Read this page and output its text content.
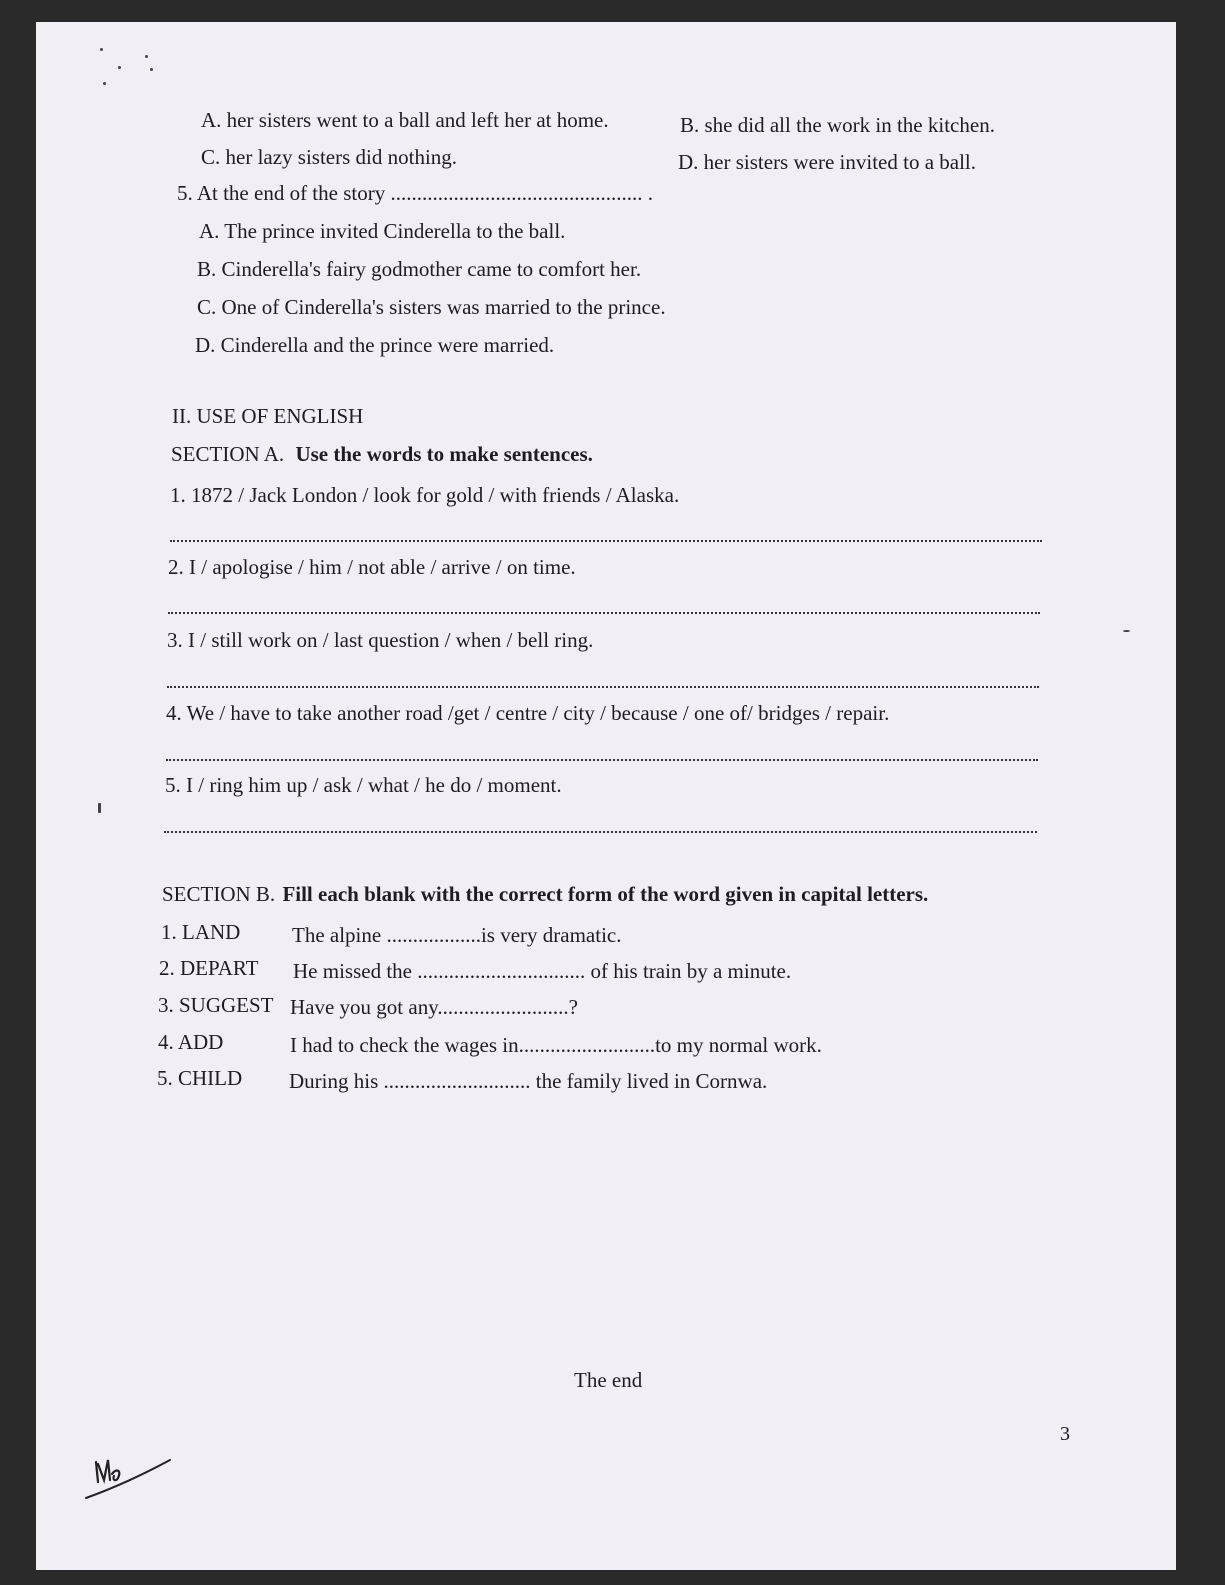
A. her sisters went to a ball and left her at home.	B. she did all the work in the kitchen.
C. her lazy sisters did nothing.	D. her sisters were invited to a ball.
5. At the end of the story ................................................ .
A. The prince invited Cinderella to the ball.
B. Cinderella's fairy godmother came to comfort her.
C. One of Cinderella's sisters was married to the prince.
D. Cinderella and the prince were married.
II. USE OF ENGLISH
SECTION A. Use the words to make sentences.
1. 1872 / Jack London / look for gold / with friends / Alaska.
2. I / apologise / him / not able / arrive / on time.
3. I / still work on / last question / when / bell ring.
4. We / have to take another road /get / centre / city / because / one of/ bridges / repair.
5. I / ring him up / ask / what / he do / moment.
SECTION B. Fill each blank with the correct form of the word given in capital letters.
1. LAND The alpine ..................is very dramatic.
2. DEPART He missed the ................................ of his train by a minute.
3. SUGGEST Have you got any.........................?
4. ADD	I had to check the wages in..........................to my normal work.
5. CHILD During his ............................ the family lived in Cornwa.
The end
3
